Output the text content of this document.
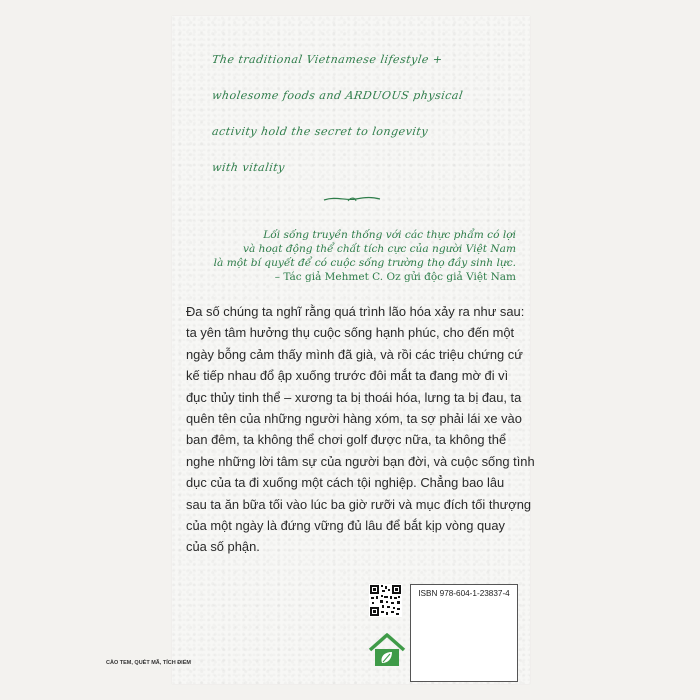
The traditional Vietnamese lifestyle +
wholesome foods and ARDUOUS physical
activity hold the secret to longevity
with vitality
Lối sống truyền thống với các thực phẩm có lợi
và hoạt động thể chất tích cực của người Việt Nam
là một bí quyết để có cuộc sống trường thọ đầy sinh lực.
– Tác giả Mehmet C. Oz gửi độc giả Việt Nam
Đa số chúng ta nghĩ rằng quá trình lão hóa xảy ra như sau:
ta yên tâm hưởng thụ cuộc sống hạnh phúc, cho đến một
ngày bỗng cảm thấy mình đã già, và rồi các triệu chứng cứ
kế tiếp nhau đổ ập xuống trước đôi mắt ta đang mờ đi vì
đục thủy tinh thể – xương ta bị thoái hóa, lưng ta bị đau, ta
quên tên của những người hàng xóm, ta sợ phải lái xe vào
ban đêm, ta không thể chơi golf được nữa, ta không thể
nghe những lời tâm sự của người bạn đời, và cuộc sống tình
dục của ta đi xuống một cách tội nghiệp. Chẳng bao lâu
sau ta ăn bữa tối vào lúc ba giờ rưỡi và mục đích tối thượng
của một ngày là đứng vững đủ lâu để bắt kịp vòng quay
của số phận.
ISBN 978-604-1-23837-4
CÀO TEM, QUÉT MÃ, TÍCH ĐIỂM
